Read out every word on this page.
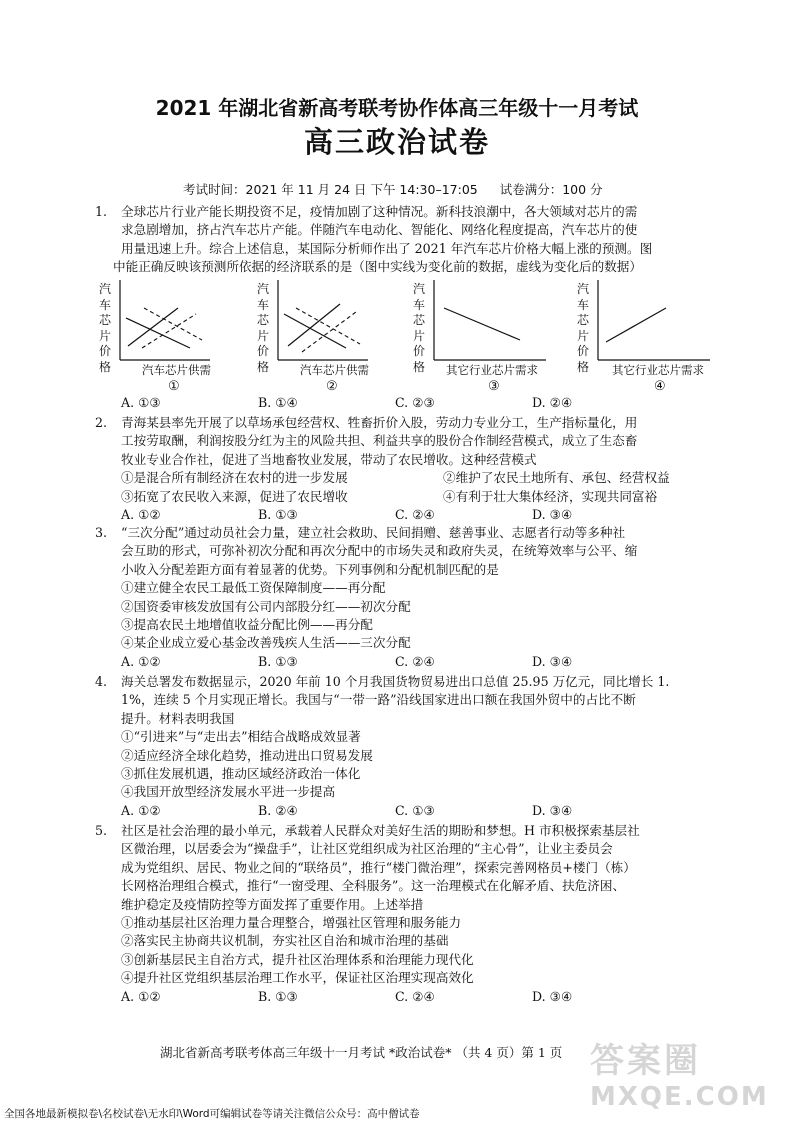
2021 年湖北省新高考联考协作体高三年级十一月考试
高三政治试卷
考试时间：2021 年 11 月 24 日 下午 14:30–17:05 试卷满分：100 分
1. 全球芯片行业产能长期投资不足，疫情加剧了这种情况。新科技浪潮中，各大领域对芯片的需
求急剧增加，挤占汽车芯片产能。伴随汽车电动化、智能化、网络化程度提高，汽车芯片的使
用量迅速上升。综合上述信息，某国际分析师作出了 2021 年汽车芯片价格大幅上涨的预测。图
中能正确反映该预测所依据的经济联系的是（图中实线为变化前的数据，虚线为变化后的数据）
汽
车
芯
片
价
格	汽车芯片供需
①
汽
车
芯
片
价
格	汽车芯片供需
②
汽
车
芯
片
价
格 其它行业芯片需求
③
汽
车
芯
片
价
格 其它行业芯片需求
④
A. ①③	B. ①④	C. ②③	D. ②④
2. 青海某县率先开展了以草场承包经营权、牲畜折价入股，劳动力专业分工，生产指标量化，用
工按劳取酬，利润按股分红为主的风险共担、利益共享的股份合作制经营模式，成立了生态畜
牧业专业合作社，促进了当地畜牧业发展，带动了农民增收。这种经营模式
①是混合所有制经济在农村的进一步发展	②维护了农民土地所有、承包、经营权益
③拓宽了农民收入来源，促进了农民增收	④有利于壮大集体经济，实现共同富裕
A. ①②	B. ①③	C. ②④	D. ③④
3. “三次分配”通过动员社会力量，建立社会救助、民间捐赠、慈善事业、志愿者行动等多种社
会互助的形式，可弥补初次分配和再次分配中的市场失灵和政府失灵，在统筹效率与公平、缩
小收入分配差距方面有着显著的优势。下列事例和分配机制匹配的是
①建立健全农民工最低工资保障制度——再分配
②国资委审核发放国有公司内部股分红——初次分配
③提高农民土地增值收益分配比例——再分配
④某企业成立爱心基金改善残疾人生活——三次分配
A. ①②	B. ①③	C. ②④	D. ③④
4. 海关总署发布数据显示，2020 年前 10 个月我国货物贸易进出口总值 25.95 万亿元，同比增长 1.
1%，连续 5 个月实现正增长。我国与“一带一路”沿线国家进出口额在我国外贸中的占比不断
提升。材料表明我国
①“引进来”与“走出去”相结合战略成效显著
②适应经济全球化趋势，推动进出口贸易发展
③抓住发展机遇，推动区域经济政治一体化
④我国开放型经济发展水平进一步提高
A. ①②	B. ②④	C. ①③	D. ③④
5. 社区是社会治理的最小单元，承载着人民群众对美好生活的期盼和梦想。H 市积极探索基层社
区微治理，以居委会为“操盘手”，让社区党组织成为社区治理的“主心骨”，让业主委员会
成为党组织、居民、物业之间的“联络员”，推行“楼门微治理”，探索完善网格员+楼门（栋）
长网格治理组合模式，推行“一窗受理、全科服务”。这一治理模式在化解矛盾、扶危济困、
维护稳定及疫情防控等方面发挥了重要作用。上述举措
①推动基层社区治理力量合理整合，增强社区管理和服务能力
②落实民主协商共议机制，夯实社区自治和城市治理的基础
③创新基层民主自治方式，提升社区治理体系和治理能力现代化
④提升社区党组织基层治理工作水平，保证社区治理实现高效化
A. ①②	B. ①③	C. ②④	D. ③④
湖北省新高考联考体高三年级十一月考试 *政治试卷* （共 4 页）第 1 页 答案圈
MXQE.COM
全国各地最新模拟卷\名校试卷\无水印\Word可编辑试卷等请关注微信公众号：高中僧试卷
